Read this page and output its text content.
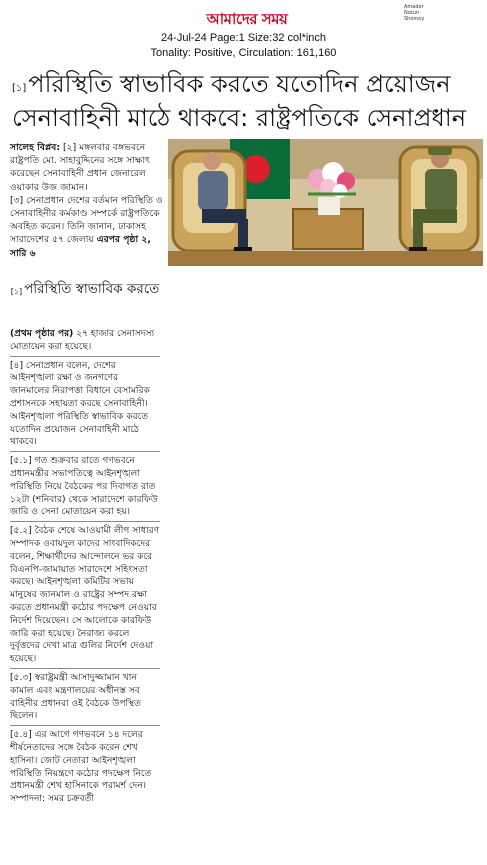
Amader Notun Shomoy
আমাদের সময়
24-Jul-24 Page:1 Size:32 col*inch
Tonality: Positive, Circulation: 161,160
[১]পরিস্থিতি স্বাভাবিক করতে যতোদিন প্রয়োজন
সেনাবাহিনী মাঠে থাকবে: রাষ্ট্রপতিকে সেনাপ্রধান

সালেহ বিপ্লব: [২] মঙ্গলবার বঙ্গভবনে রাষ্ট্রপতি মো. সাহাবুদ্দিনের সঙ্গে সাক্ষাৎ করেছেন সেনাবাহিনী প্রধান জেনারেল ওয়াকার উজ জামান।

[৩] সেনাপ্রধান দেশের বর্তমান পরিস্থিতি ও সেনাবাহিনীর কর্মকাণ্ড সম্পর্কে রাষ্ট্রপতিকে অবহিত করেন। তিনি জানান, ঢাকাসহ সারাদেশের ৫৭ জেলায় এরপর পৃষ্ঠা ২, সারি ৬

[১] পরিস্থিতি স্বাভাবিক করতে

(প্রথম পৃষ্ঠার পর) ২৭ হাজার সেনাসদস্য মোতায়েন করা হয়েছে।

[৪] সেনাপ্রধান বলেন, দেশের আইনশৃঙ্খলা রক্ষা ও জনগণের জানমালের নিরাপত্তা বিধানে বেসামরিক প্রশাসনকে সহায়তা করছে সেনাবাহিনী। আইনশৃঙ্খলা পরিস্থিতি স্বাভাবিক করতে যতোদিন প্রয়োজন সেনাবাহিনী মাঠে থাকবে।

[৫.১] গত শুক্রবার রাতে গণভবনে প্রধানমন্ত্রীর সভাপতিত্বে আইনশৃঙ্খলা পরিস্থিতি নিয়ে বৈঠকের পর দিবাগত রাত ১২টা (শনিবার) থেকে সারাদেশে কারফিউ জারি ও সেনা মোতায়েন করা হয়।

[৫.২] বৈঠক শেষে আওয়ামী লীগ সাধারণ সম্পাদক ওবায়দুল কাদের সাংবাদিকদের বলেন, শিক্ষার্থীদের আন্দোলনে ভর করে বিএনপি-জামায়াত সারাদেশে সহিংসতা করছে। আইনশৃঙ্খলা কমিটির সভায় মানুষের জানমাল ও রাষ্ট্রের সম্পদ রক্ষা করতে প্রধানমন্ত্রী কঠোর পদক্ষেপ নেওয়ার নির্দেশ দিয়েছেন। সে আলোকে কারফিউ জারি করা হয়েছে। নৈরাজ্য করলে দুর্বৃত্তদের দেখা মাত্র গুলির নির্দেশ দেওয়া হয়েছে।

[৫.৩] স্বরাষ্ট্রমন্ত্রী আসাদুজ্জামান খান কামাল এবং মন্ত্রণালয়ের অধীনস্ত সব বাহিনীর প্রধানরা ওই বৈঠকে উপস্থিত ছিলেন।

[৫.৪] এর আগে গণভবনে ১৪ দলের শীর্ষনেতাদের সঙ্গে বৈঠক করেন শেখ হাসিনা। জোট নেতারা আইনশৃঙ্খলা পরিস্থিতি নিয়ন্ত্রণে কঠোর পদক্ষেপ নিতে প্রধানমন্ত্রী শেখ হাসিনাকে পরামর্শ দেন। সম্পাদনা: সমর চক্রবর্তী
